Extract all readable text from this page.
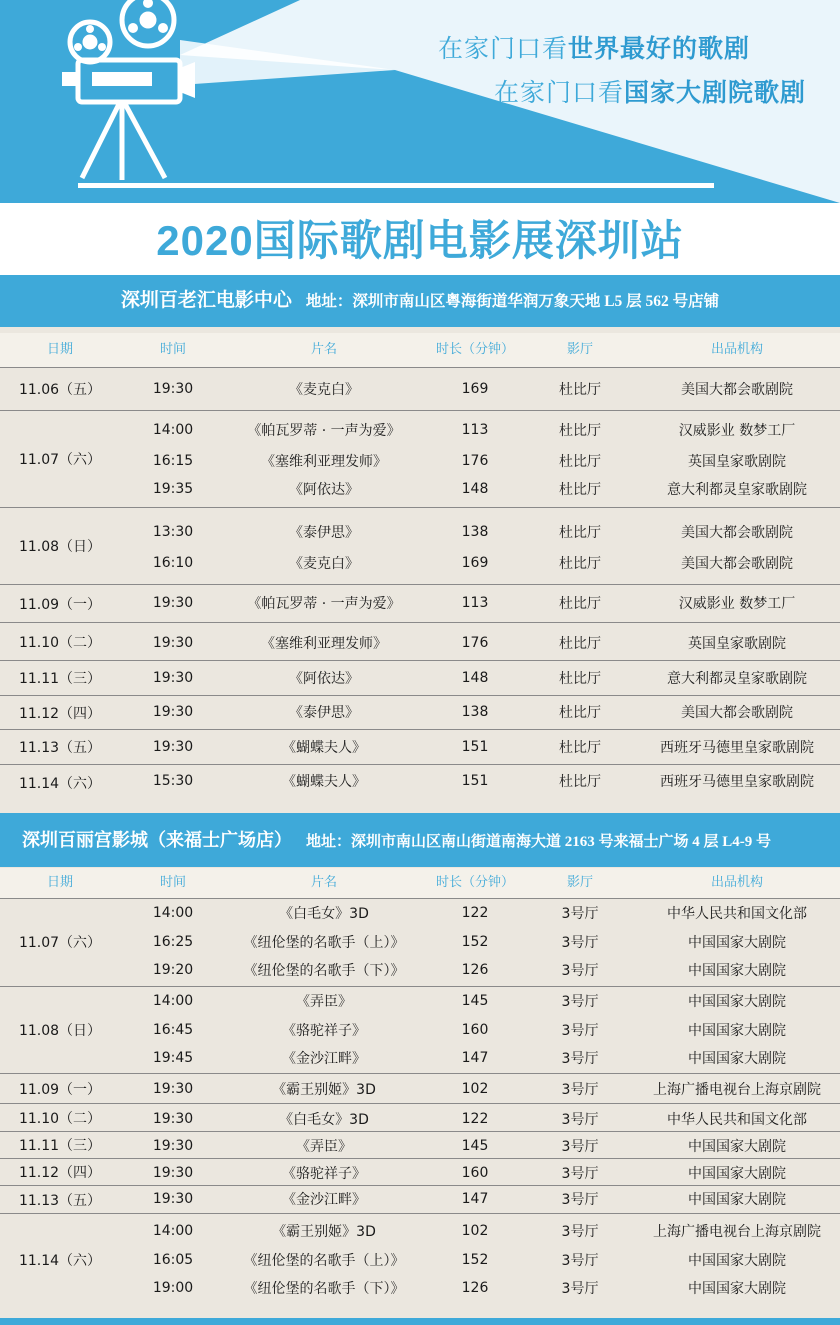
在家门口看世界最好的歌剧
在家门口看国家大剧院歌剧
2020国际歌剧电影展深圳站
深圳百老汇电影中心 地址：深圳市南山区粤海街道华润万象天地 L5 层 562 号店铺
日期	时间	片名	时长（分钟）	影厅	出品机构
11.06（五）	19:30	《麦克白》	169	杜比厅	美国大都会歌剧院
11.07（六）
14:00	《帕瓦罗蒂 · 一声为爱》	113	杜比厅	汉威影业 数梦工厂
16:15	《塞维利亚理发师》	176	杜比厅	英国皇家歌剧院
19:35	《阿依达》	148	杜比厅	意大利都灵皇家歌剧院
11.08（日）
13:30	《泰伊思》	138	杜比厅	美国大都会歌剧院
16:10	《麦克白》	169	杜比厅	美国大都会歌剧院
11.09（一）	19:30	《帕瓦罗蒂 · 一声为爱》	113	杜比厅	汉威影业 数梦工厂
11.10（二）	19:30	《塞维利亚理发师》	176	杜比厅	英国皇家歌剧院
11.11（三）	19:30	《阿依达》	148	杜比厅	意大利都灵皇家歌剧院
11.12（四）	19:30	《泰伊思》	138	杜比厅	美国大都会歌剧院
11.13（五）	19:30	《蝴蝶夫人》	151	杜比厅	西班牙马德里皇家歌剧院
11.14（六）	15:30	《蝴蝶夫人》	151	杜比厅	西班牙马德里皇家歌剧院
深圳百丽宫影城（来福士广场店） 地址：深圳市南山区南山街道南海大道 2163 号来福士广场 4 层 L4-9 号
日期	时间	片名	时长（分钟）	影厅	出品机构
11.07（六）
14:00	《白毛女》3D	122	3号厅	中华人民共和国文化部
16:25	《纽伦堡的名歌手（上）》	152	3号厅	中国国家大剧院
19:20	《纽伦堡的名歌手（下）》	126	3号厅	中国国家大剧院
11.08（日）
14:00	《弄臣》	145	3号厅	中国国家大剧院
16:45	《骆驼祥子》	160	3号厅	中国国家大剧院
19:45	《金沙江畔》	147	3号厅	中国国家大剧院
11.09（一）	19:30	《霸王别姬》3D	102	3号厅	上海广播电视台上海京剧院
11.10（二）	19:30	《白毛女》3D	122	3号厅	中华人民共和国文化部
11.11（三）	19:30	《弄臣》	145	3号厅	中国国家大剧院
11.12（四）	19:30	《骆驼祥子》	160	3号厅	中国国家大剧院
11.13（五）	19:30	《金沙江畔》	147	3号厅	中国国家大剧院
11.14（六）
14:00	《霸王别姬》3D	102	3号厅	上海广播电视台上海京剧院
16:05	《纽伦堡的名歌手（上）》	152	3号厅	中国国家大剧院
19:00	《纽伦堡的名歌手（下）》	126	3号厅	中国国家大剧院
